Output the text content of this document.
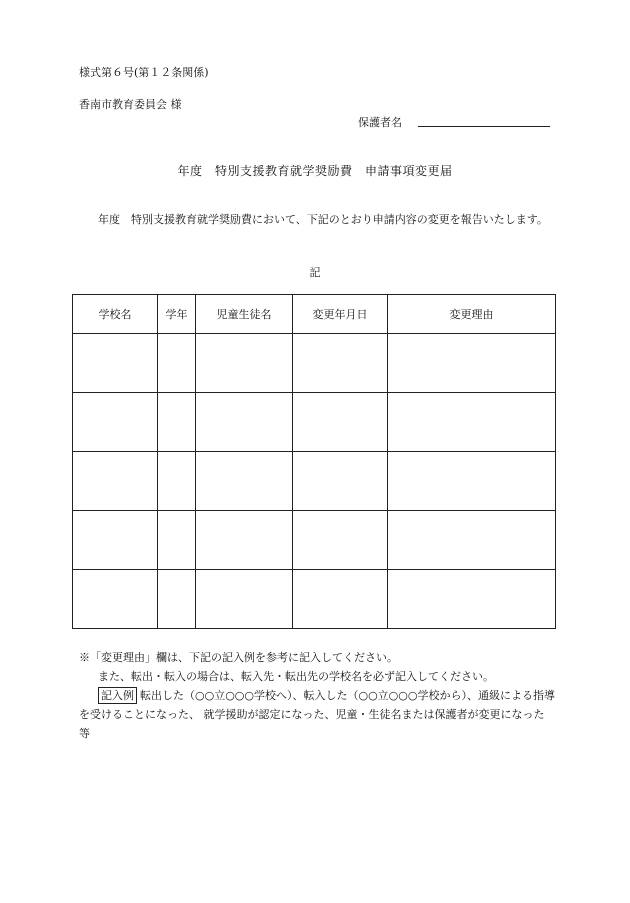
様式第６号(第１２条関係)
香南市教育委員会 様
保護者名
年度　特別支援教育就学奨励費　申請事項変更届
年度　特別支援教育就学奨励費において、下記のとおり申請内容の変更を報告いたします。
記
学校名	学年	児童生徒名	変更年月日	変更理由

※「変更理由」欄は、下記の記入例を参考に記入してください。
また、転出・転入の場合は、転入先・転出先の学校名を必ず記入してください。
記入例 転出した（○○立○○○学校へ）、転入した（○○立○○○学校から）、通級による指導を受けることになった、 就学援助が認定になった、児童・生徒名または保護者が変更になった　等
